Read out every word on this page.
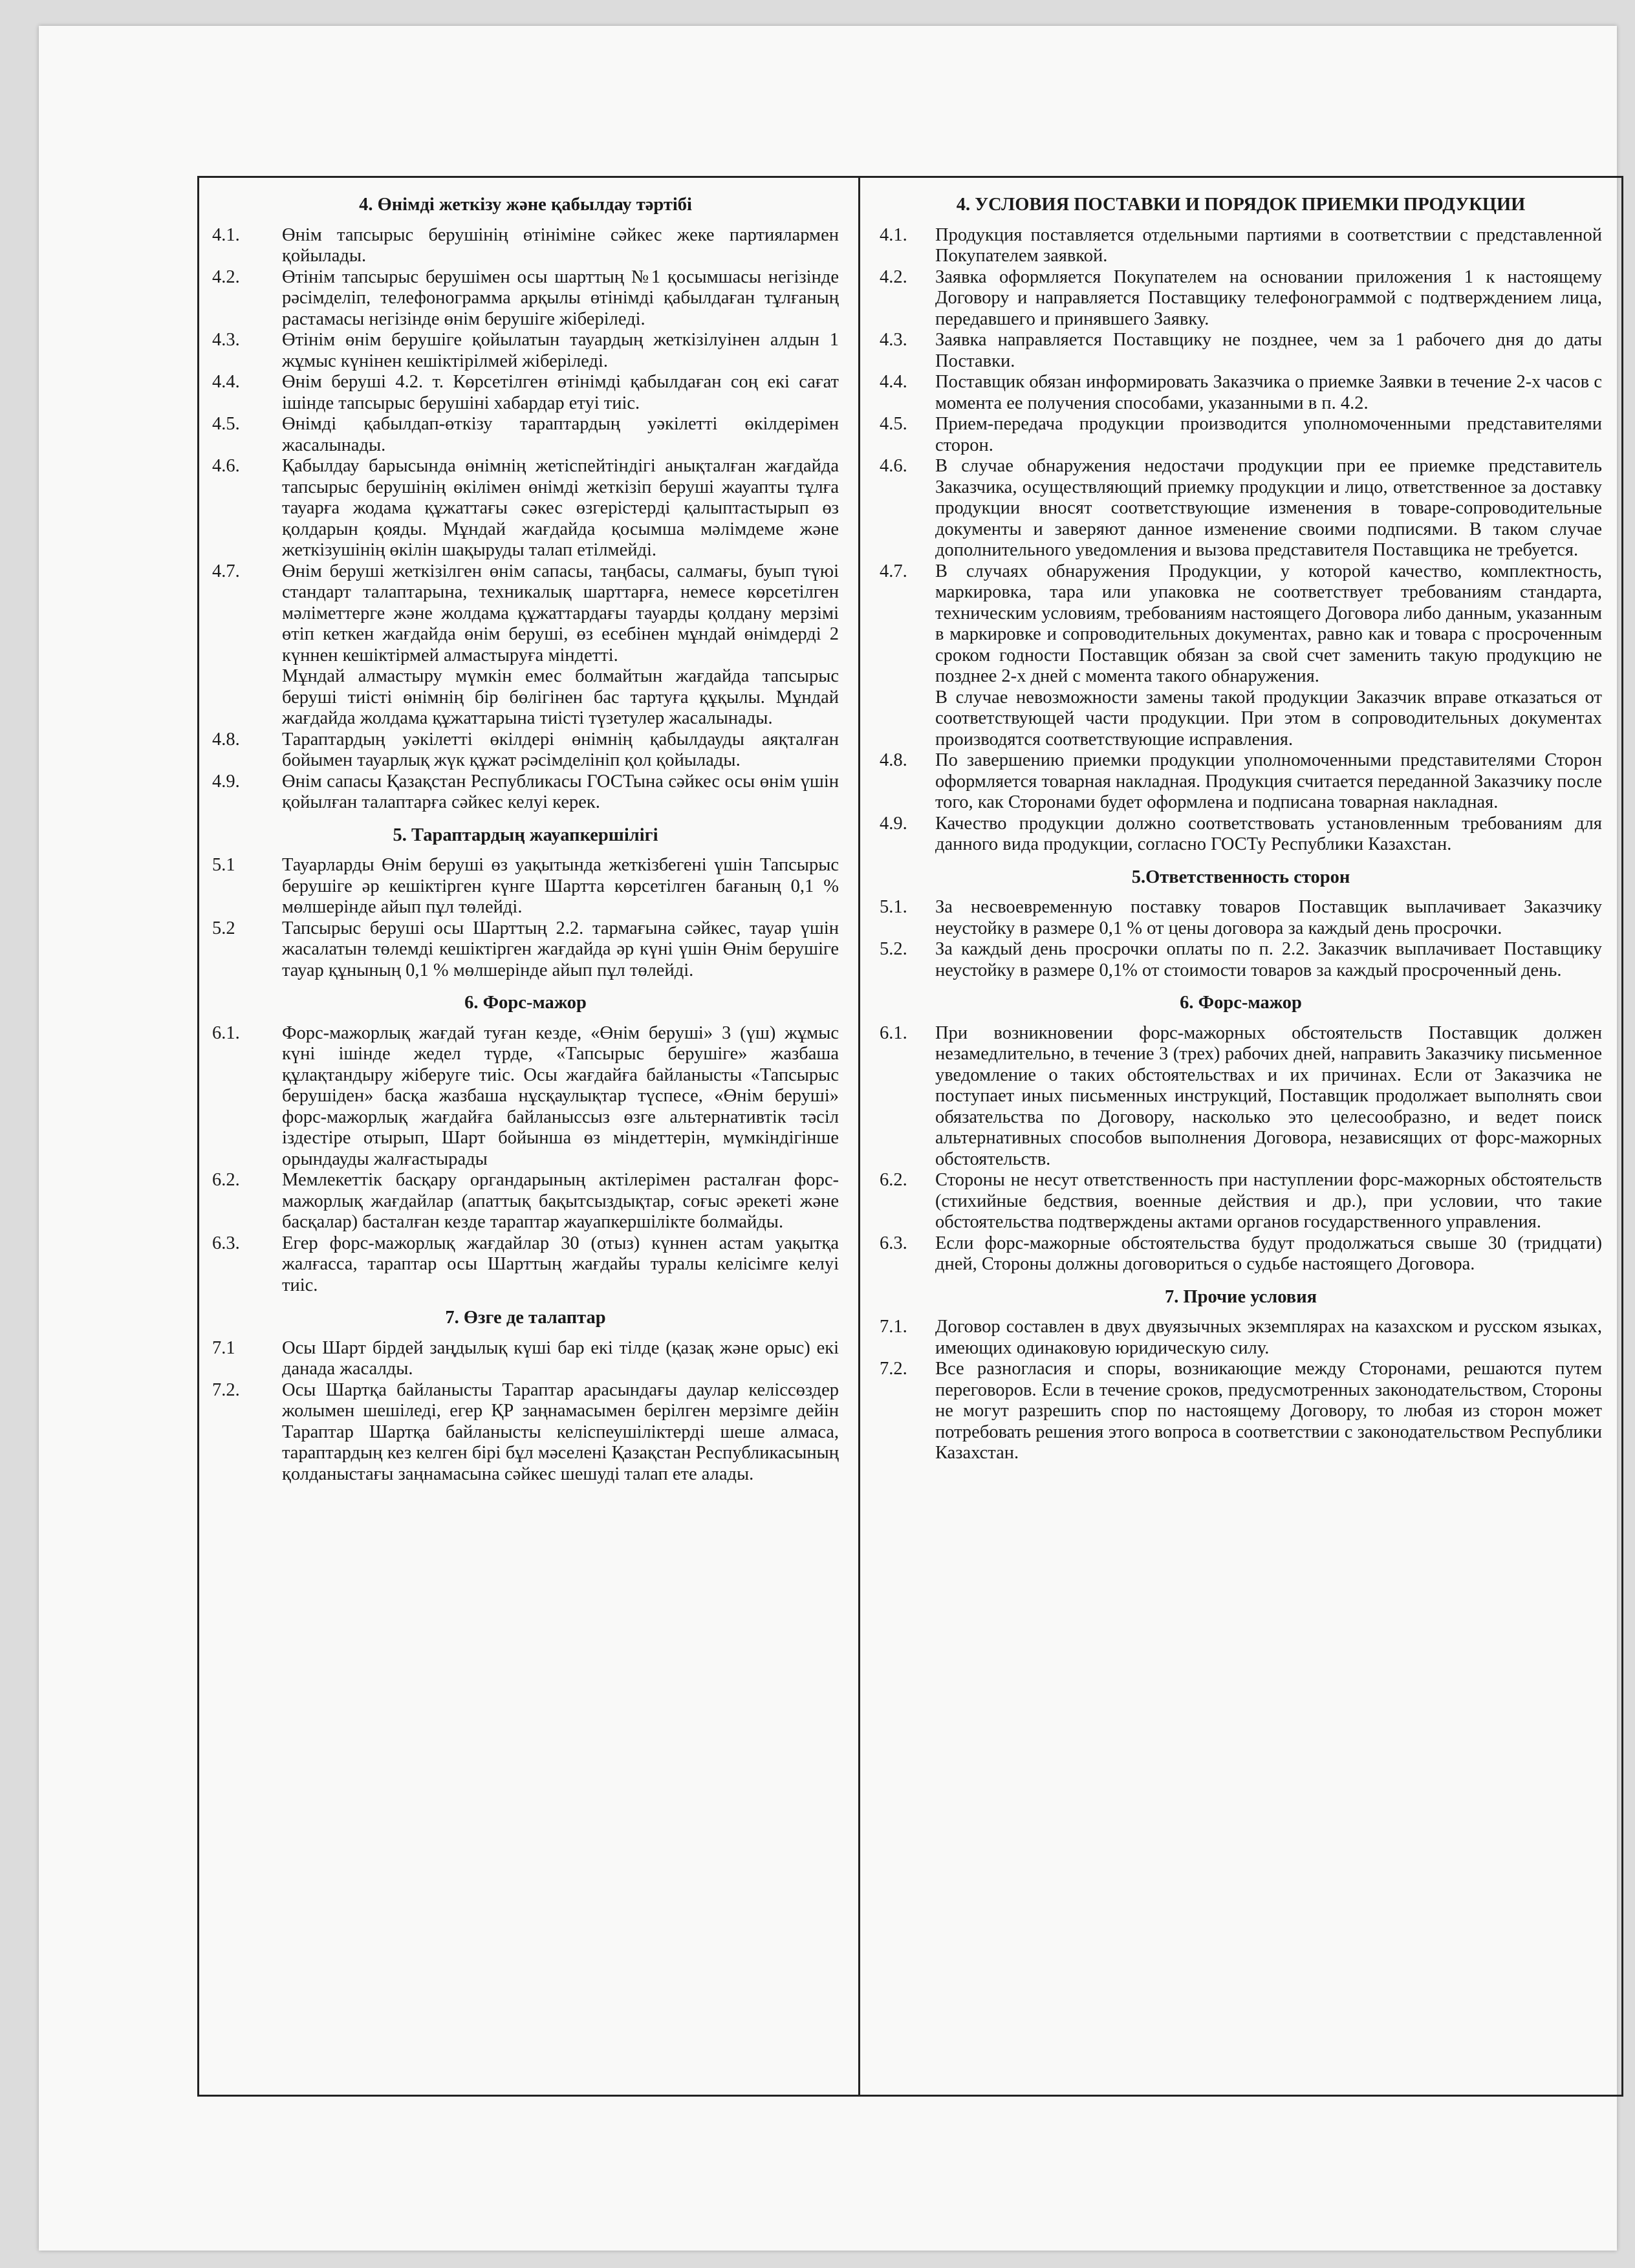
4. Өнімді жеткізу және қабылдау тәртібі
4.1.	Өнім тапсырыс берушінің өтініміне сәйкес жеке партиялармен қойылады.
4.2.	Өтінім тапсырыс берушімен осы шарттың №1 қосымшасы негізінде рәсімделіп, телефонограмма арқылы өтінімді қабылдаған тұлғаның растамасы негізінде өнім берушіге жіберіледі.
4.3.	Өтінім өнім берушіге қойылатын тауардың жеткізілуінен алдын 1 жұмыс күнінен кешіктірілмей жіберіледі.
4.4.	Өнім беруші 4.2. т. Көрсетілген өтінімді қабылдаған соң екі сағат ішінде тапсырыс берушіні хабардар етуі тиіс.
4.5.	Өнімді қабылдап-өткізу тараптардың уәкілетті өкілдерімен жасалынады.
4.6.	Қабылдау барысында өнімнің жетіспейтіндігі анықталған жағдайда тапсырыс берушінің өкілімен өнімді жеткізіп беруші жауапты тұлға тауарға жодама құжаттағы сәкес өзгерістерді қалыптастырып өз қолдарын қояды. Мұндай жағдайда қосымша мәлімдеме және жеткізушінің өкілін шақыруды талап етілмейді.
4.7.	Өнім беруші жеткізілген өнім сапасы, таңбасы, салмағы, буып түюі стандарт талаптарына, техникалық шарттарға, немесе көрсетілген мәліметтерге және жолдама құжаттардағы тауарды қолдану мерзімі өтіп кеткен жағдайда өнім беруші, өз есебінен мұндай өнімдерді 2 күннен кешіктірмей алмастыруға міндетті.
Мұндай алмастыру мүмкін емес болмайтын жағдайда тапсырыс беруші тиісті өнімнің бір бөлігінен бас тартуға құқылы. Мұндай жағдайда жолдама құжаттарына тиісті түзетулер жасалынады.
4.8.	Тараптардың уәкілетті өкілдері өнімнің қабылдауды аяқталған бойымен тауарлық жүк құжат рәсімделініп қол қойылады.
4.9.	Өнім сапасы Қазақстан Республикасы ГОСТына сәйкес осы өнім үшін қойылған талаптарға сәйкес келуі керек.
5. Тараптардың жауапкершілігі
5.1	Тауарларды Өнім беруші өз уақытында жеткізбегені үшін Тапсырыс берушіге әр кешіктірген күнге Шартта көрсетілген бағаның 0,1 % мөлшерінде айып пұл төлейді.
5.2	Тапсырыс беруші осы Шарттың 2.2. тармағына сәйкес, тауар үшін жасалатын төлемді кешіктірген жағдайда әр күні үшін Өнім берушіге тауар құнының 0,1 % мөлшерінде айып пұл төлейді.
6. Форс-мажор
6.1.	Форс-мажорлық жағдай туған кезде, «Өнім беруші» 3 (үш) жұмыс күні ішінде жедел түрде, «Тапсырыс берушіге» жазбаша құлақтандыру жіберуге тиіс. Осы жағдайға байланысты «Тапсырыс берушіден» басқа жазбаша нұсқаулықтар түспесе, «Өнім беруші» форс-мажорлық жағдайға байланыссыз өзге альтернативтік тәсіл іздестіре отырып, Шарт бойынша өз міндеттерін, мүмкіндігінше орындауды жалғастырады
6.2.	Мемлекеттік басқару органдарының актілерімен расталған форс-мажорлық жағдайлар (апаттық бақытсыздықтар, соғыс әрекеті және басқалар) басталған кезде тараптар жауапкершілікте болмайды.
6.3.	Егер форс-мажорлық жағдайлар 30 (отыз) күннен астам уақытқа жалғасса, тараптар осы Шарттың жағдайы туралы келісімге келуі тиіс.
7. Өзге де талаптар
7.1	Осы Шарт бірдей заңдылық күші бар екі тілде (қазақ және орыс) екі данада жасалды.
7.2.	Осы Шартқа байланысты Тараптар арасындағы даулар келіссөздер жолымен шешіледі, егер ҚР заңнамасымен берілген мерзімге дейін Тараптар Шартқа байланысты келіспеушіліктерді шеше алмаса, тараптардың кез келген бірі бұл мәселені Қазақстан Республикасының қолданыстағы заңнамасына сәйкес шешуді талап ете алады.
4. УСЛОВИЯ ПОСТАВКИ И ПОРЯДОК ПРИЕМКИ ПРОДУКЦИИ
4.1.	Продукция поставляется отдельными партиями в соответствии с представленной Покупателем заявкой.
4.2.	Заявка оформляется Покупателем на основании приложения 1 к настоящему Договору и направляется Поставщику телефонограммой с подтверждением лица, передавшего и принявшего Заявку.
4.3.	Заявка направляется Поставщику не позднее, чем за 1 рабочего дня до даты Поставки.
4.4.	Поставщик обязан информировать Заказчика о приемке Заявки в течение 2-х часов с момента ее получения способами, указанными в п. 4.2.
4.5.	Прием-передача продукции производится уполномоченными представителями сторон.
4.6.	В случае обнаружения недостачи продукции при ее приемке представитель Заказчика, осуществляющий приемку продукции и лицо, ответственное за доставку продукции вносят соответствующие изменения в товаре-сопроводительные документы и заверяют данное изменение своими подписями. В таком случае дополнительного уведомления и вызова представителя Поставщика не требуется.
4.7.	В случаях обнаружения Продукции, у которой качество, комплектность, маркировка, тара или упаковка не соответствует требованиям стандарта, техническим условиям, требованиям настоящего Договора либо данным, указанным в маркировке и сопроводительных документах, равно как и товара с просроченным сроком годности Поставщик обязан за свой счет заменить такую продукцию не позднее 2-х дней с момента такого обнаружения.
В случае невозможности замены такой продукции Заказчик вправе отказаться от соответствующей части продукции. При этом в сопроводительных документах производятся соответствующие исправления.
4.8.	По завершению приемки продукции уполномоченными представителями Сторон оформляется товарная накладная. Продукция считается переданной Заказчику после того, как Сторонами будет оформлена и подписана товарная накладная.
4.9.	Качество продукции должно соответствовать установленным требованиям для данного вида продукции, согласно ГОСТу Республики Казахстан.
5.Ответственность сторон
5.1.	За несвоевременную поставку товаров Поставщик выплачивает Заказчику неустойку в размере 0,1 % от цены договора за каждый день просрочки.
5.2.	За каждый день просрочки оплаты по п. 2.2. Заказчик выплачивает Поставщику неустойку в размере 0,1% от стоимости товаров за каждый просроченный день.
6. Форс-мажор
6.1.	При возникновении форс-мажорных обстоятельств Поставщик должен незамедлительно, в течение 3 (трех) рабочих дней, направить Заказчику письменное уведомление о таких обстоятельствах и их причинах. Если от Заказчика не поступает иных письменных инструкций, Поставщик продолжает выполнять свои обязательства по Договору, насколько это целесообразно, и ведет поиск альтернативных способов выполнения Договора, независящих от форс-мажорных обстоятельств.
6.2.	Стороны не несут ответственность при наступлении форс-мажорных обстоятельств (стихийные бедствия, военные действия и др.), при условии, что такие обстоятельства подтверждены актами органов государственного управления.
6.3.	Если форс-мажорные обстоятельства будут продолжаться свыше 30 (тридцати) дней, Стороны должны договориться о судьбе настоящего Договора.
7. Прочие условия
7.1.	Договор составлен в двух двуязычных экземплярах на казахском и русском языках, имеющих одинаковую юридическую силу.
7.2.	Все разногласия и споры, возникающие между Сторонами, решаются путем переговоров. Если в течение сроков, предусмотренных законодательством, Стороны не могут разрешить спор по настоящему Договору, то любая из сторон может потребовать решения этого вопроса в соответствии с законодательством Республики Казахстан.
